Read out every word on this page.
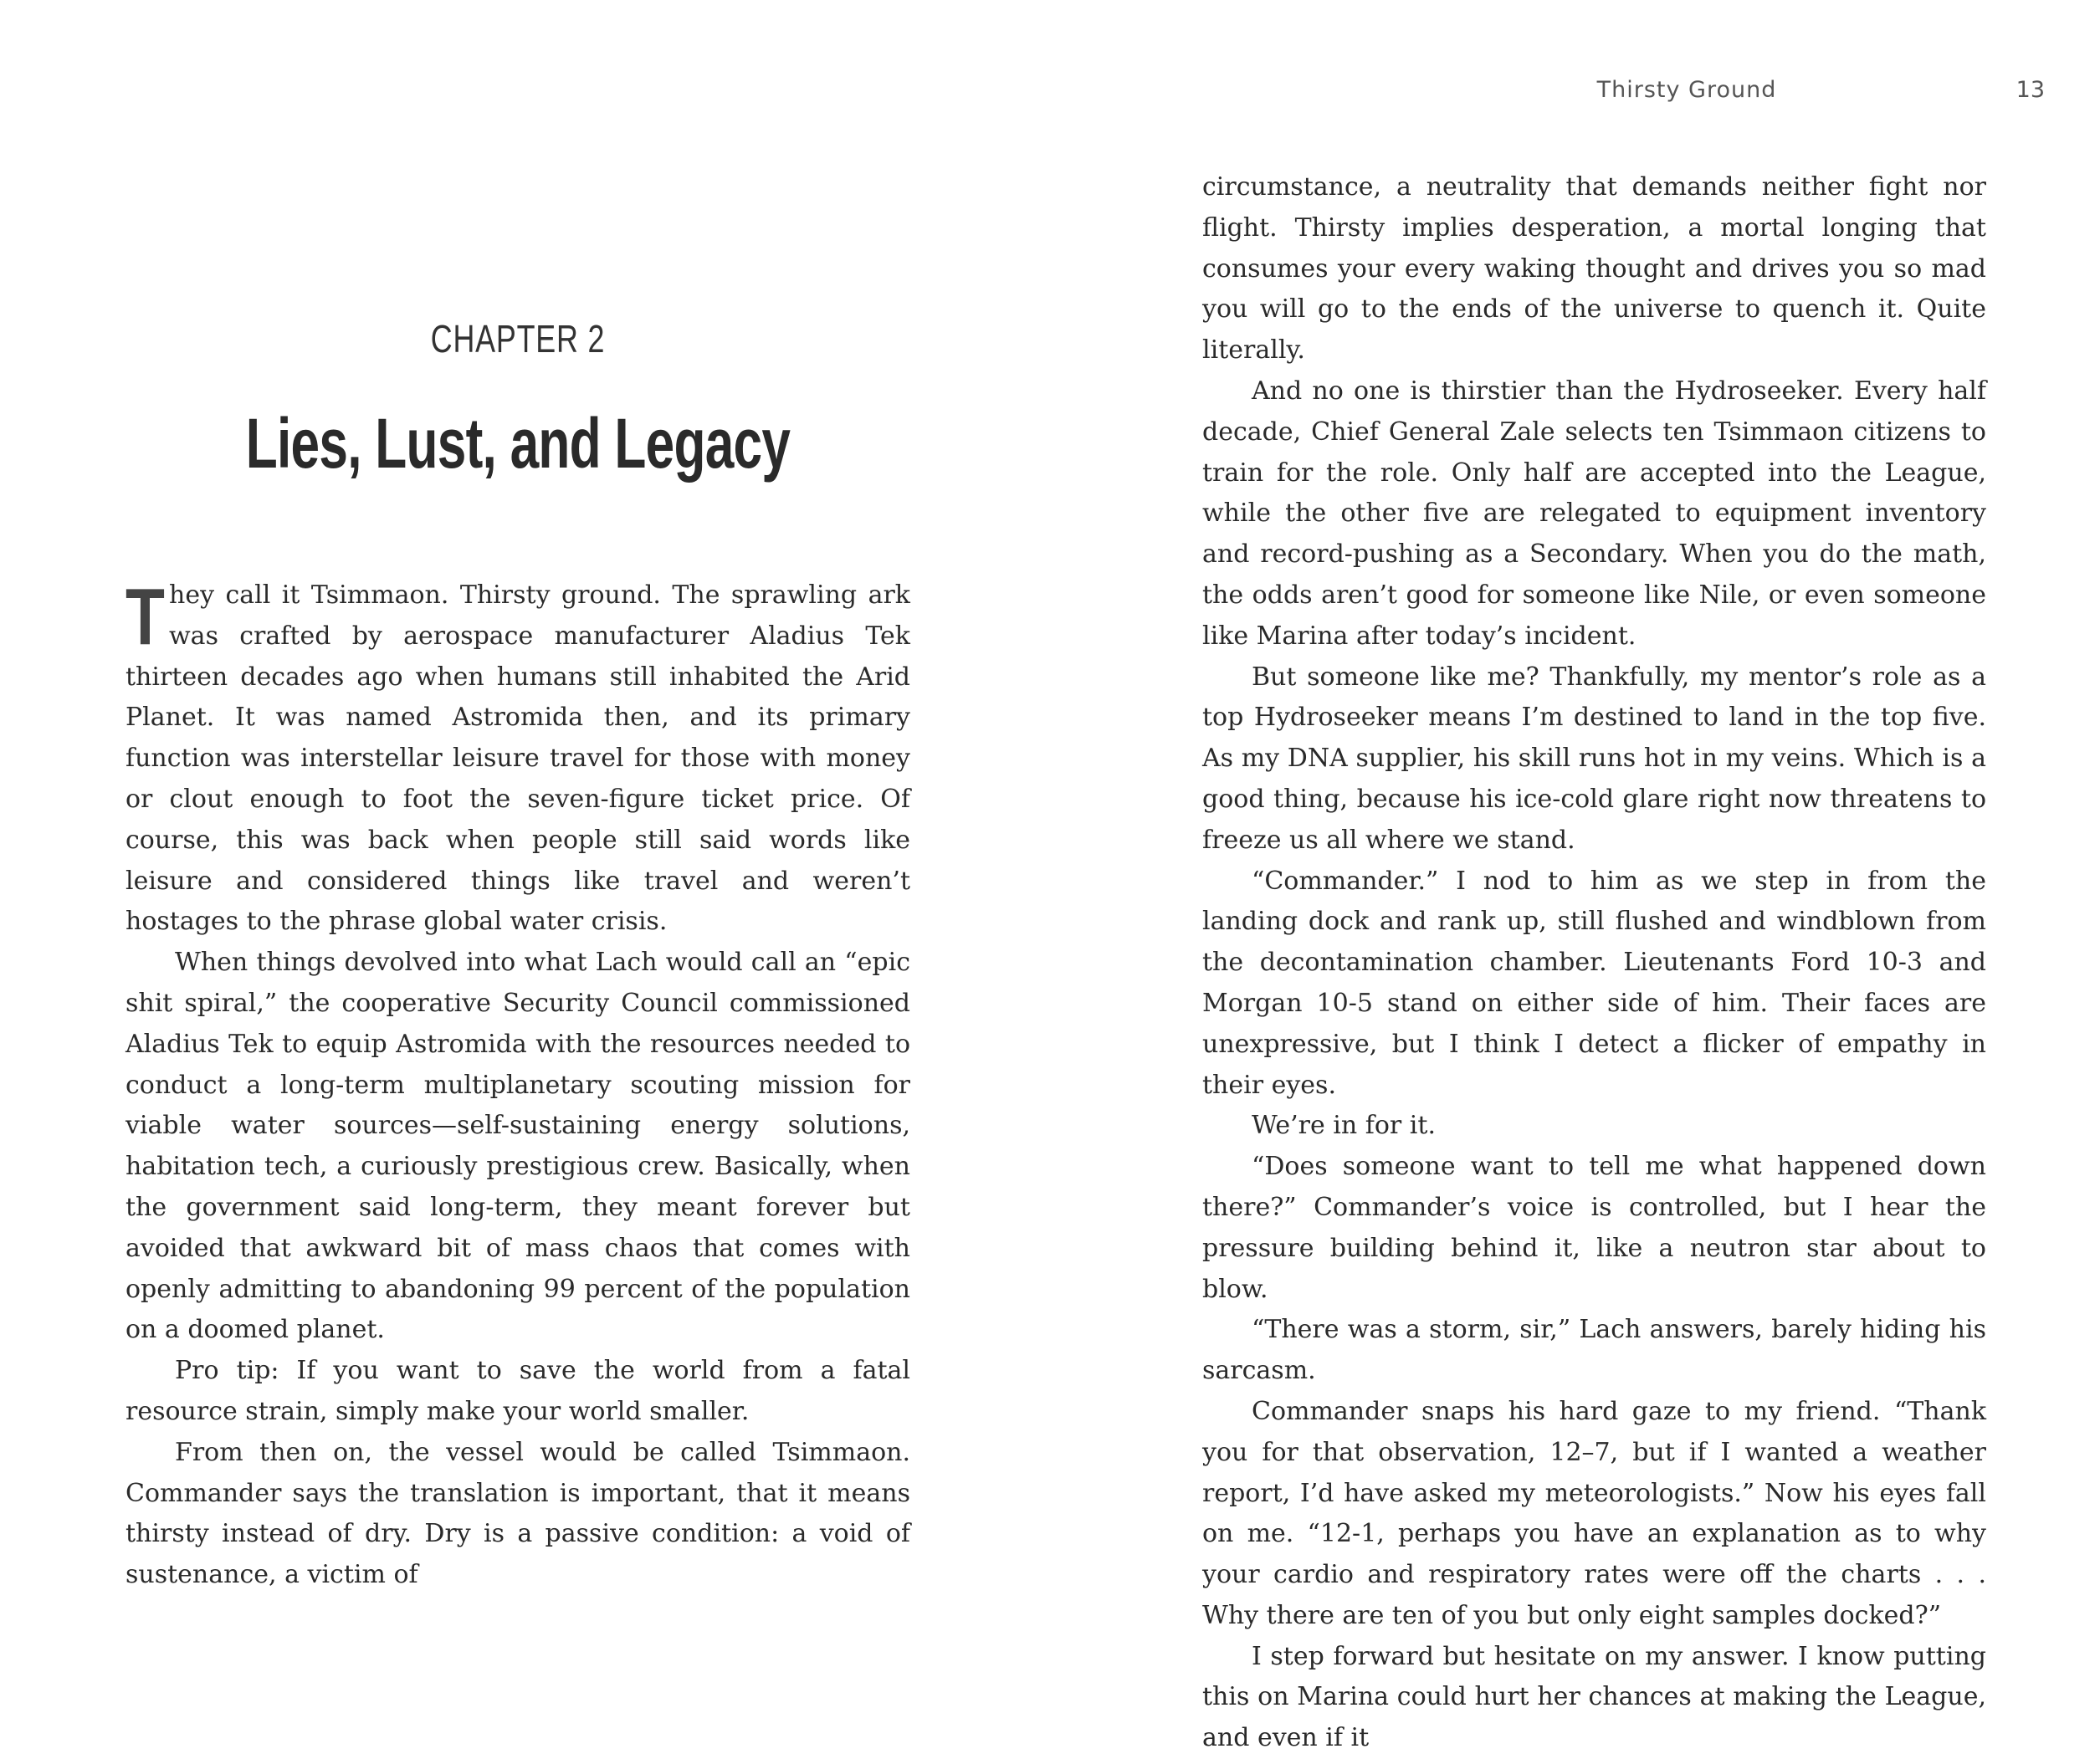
CHAPTER 2
Lies, Lust, and Legacy

They call it Tsimmaon. Thirsty ground. The sprawling ark was crafted by aerospace manufacturer Aladius Tek thirteen decades ago when humans still inhabited the Arid Planet. It was named Astromida then, and its primary function was interstellar leisure travel for those with money or clout enough to foot the seven-figure ticket price. Of course, this was back when people still said words like leisure and considered things like travel and weren’t hostages to the phrase global water crisis.

When things devolved into what Lach would call an “epic shit spiral,” the cooperative Security Council commissioned Aladius Tek to equip Astromida with the resources needed to conduct a long-term multiplanetary scouting mission for viable water sources—self-sustaining energy solutions, habitation tech, a curiously prestigious crew. Basically, when the government said long-term, they meant forever but avoided that awkward bit of mass chaos that comes with openly admitting to abandoning 99 percent of the population on a doomed planet.

Pro tip: If you want to save the world from a fatal resource strain, simply make your world smaller.

From then on, the vessel would be called Tsimmaon. Commander says the translation is important, that it means thirsty instead of dry. Dry is a passive condition: a void of sustenance, a victim of

Thirsty Ground	13

circumstance, a neutrality that demands neither fight nor flight. Thirsty implies desperation, a mortal longing that consumes your every waking thought and drives you so mad you will go to the ends of the universe to quench it. Quite literally.

And no one is thirstier than the Hydroseeker. Every half decade, Chief General Zale selects ten Tsimmaon citizens to train for the role. Only half are accepted into the League, while the other five are relegated to equipment inventory and record-pushing as a Secondary. When you do the math, the odds aren’t good for someone like Nile, or even someone like Marina after today’s incident.

But someone like me? Thankfully, my mentor’s role as a top Hydroseeker means I’m destined to land in the top five. As my DNA supplier, his skill runs hot in my veins. Which is a good thing, because his ice-cold glare right now threatens to freeze us all where we stand.

“Commander.” I nod to him as we step in from the landing dock and rank up, still flushed and windblown from the decontamination chamber. Lieutenants Ford 10-3 and Morgan 10-5 stand on either side of him. Their faces are unexpressive, but I think I detect a flicker of empathy in their eyes.

We’re in for it.

“Does someone want to tell me what happened down there?” Commander’s voice is controlled, but I hear the pressure building behind it, like a neutron star about to blow.

“There was a storm, sir,” Lach answers, barely hiding his sarcasm.

Commander snaps his hard gaze to my friend. “Thank you for that observation, 12–7, but if I wanted a weather report, I’d have asked my meteorologists.” Now his eyes fall on me. “12-1, perhaps you have an explanation as to why your cardio and respiratory rates were off the charts . . . Why there are ten of you but only eight samples docked?”

I step forward but hesitate on my answer. I know putting this on Marina could hurt her chances at making the League, and even if it
